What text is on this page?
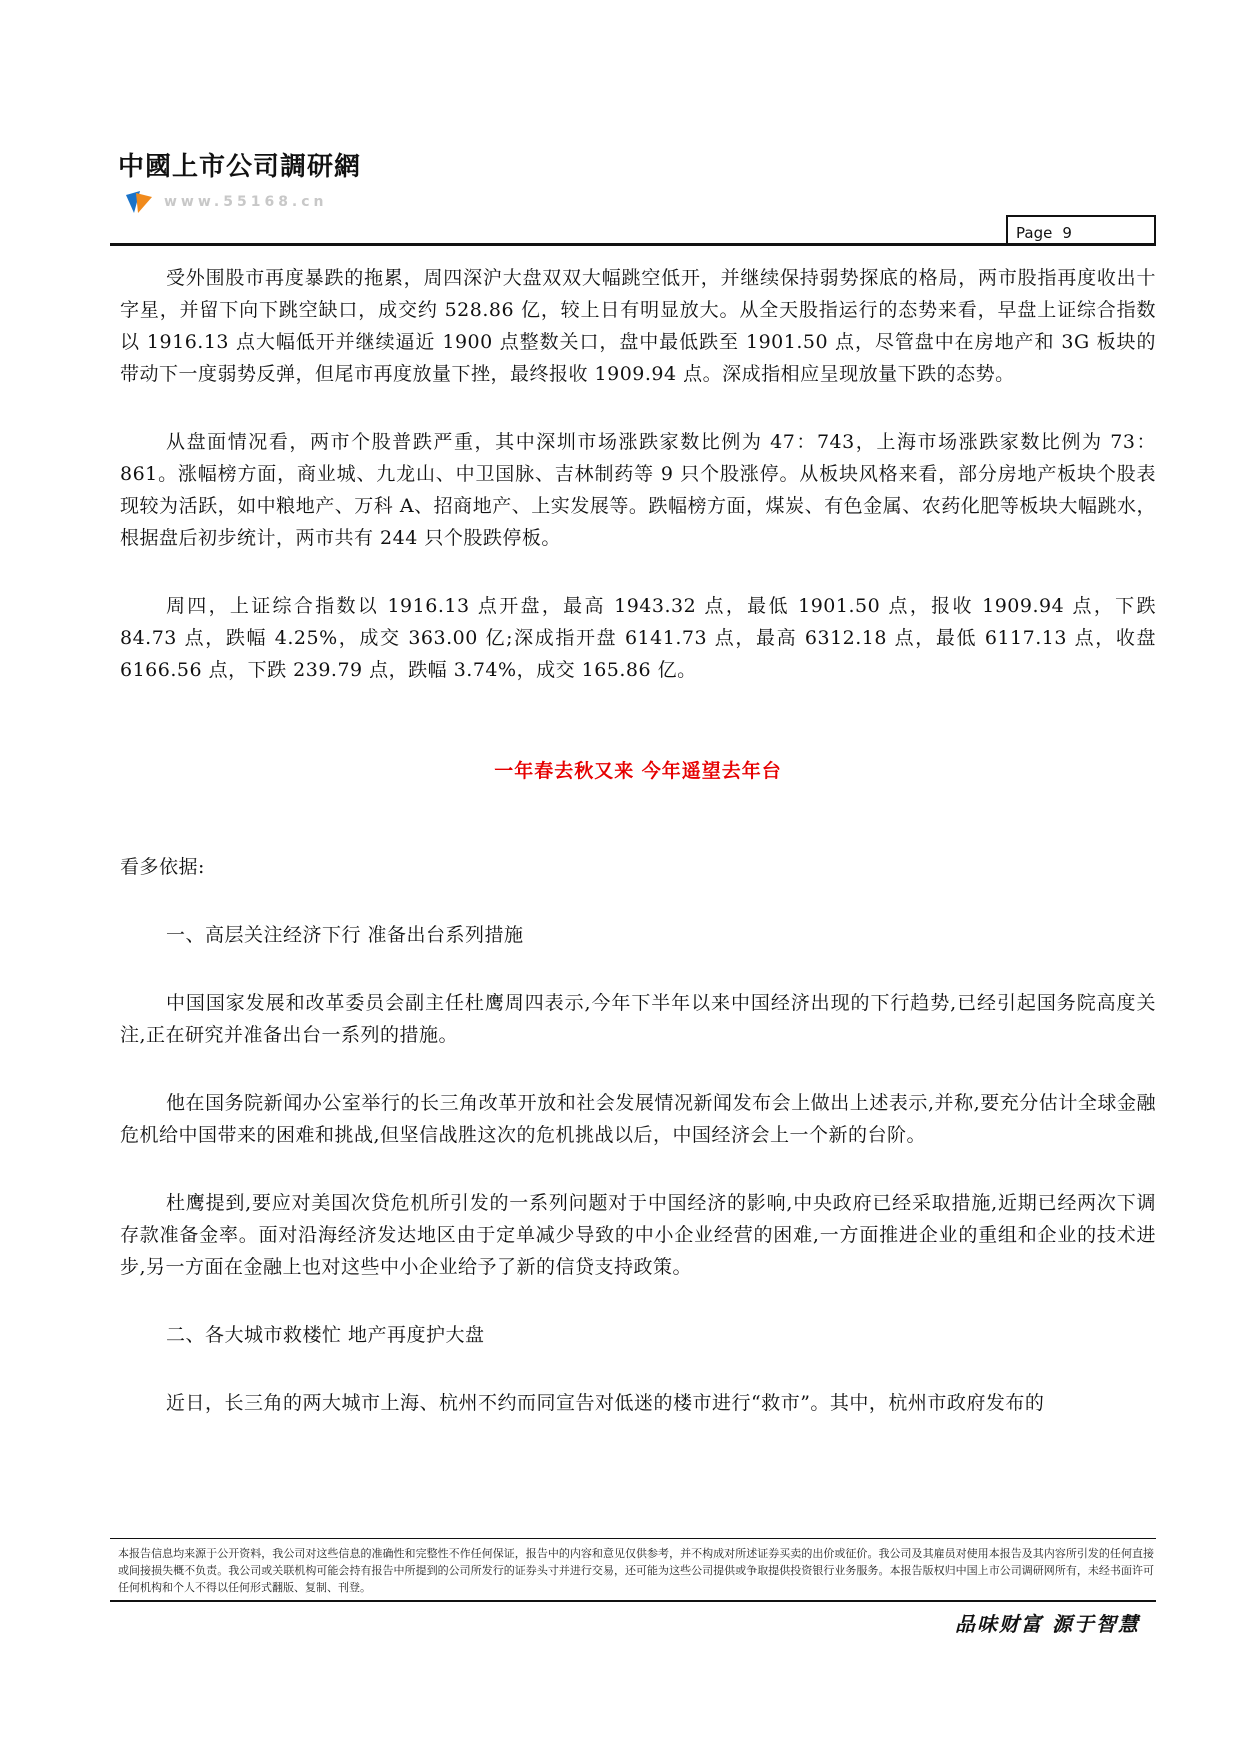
中國上市公司調研網
www.55168.cn
Page 9

受外围股市再度暴跌的拖累，周四深沪大盘双双大幅跳空低开，并继续保持弱势探底的格局，两市股指再度收出十字星，并留下向下跳空缺口，成交约 528.86 亿，较上日有明显放大。从全天股指运行的态势来看，早盘上证综合指数以 1916.13 点大幅低开并继续逼近 1900 点整数关口，盘中最低跌至 1901.50 点，尽管盘中在房地产和 3G 板块的带动下一度弱势反弹，但尾市再度放量下挫，最终报收 1909.94 点。深成指相应呈现放量下跌的态势。

从盘面情况看，两市个股普跌严重，其中深圳市场涨跌家数比例为 47：743，上海市场涨跌家数比例为 73：861。涨幅榜方面，商业城、九龙山、中卫国脉、吉林制药等 9 只个股涨停。从板块风格来看，部分房地产板块个股表现较为活跃，如中粮地产、万科 A、招商地产、上实发展等。跌幅榜方面，煤炭、有色金属、农药化肥等板块大幅跳水，根据盘后初步统计，两市共有 244 只个股跌停板。

周四，上证综合指数以 1916.13 点开盘，最高 1943.32 点，最低 1901.50 点，报收 1909.94 点，下跌 84.73 点，跌幅 4.25%，成交 363.00 亿;深成指开盘 6141.73 点，最高 6312.18 点，最低 6117.13 点，收盘 6166.56 点，下跌 239.79 点，跌幅 3.74%，成交 165.86 亿。

一年春去秋又来 今年遥望去年台
看多依据:
一、高层关注经济下行 准备出台系列措施

中国国家发展和改革委员会副主任杜鹰周四表示,今年下半年以来中国经济出现的下行趋势,已经引起国务院高度关注,正在研究并准备出台一系列的措施。

他在国务院新闻办公室举行的长三角改革开放和社会发展情况新闻发布会上做出上述表示,并称,要充分估计全球金融危机给中国带来的困难和挑战,但坚信战胜这次的危机挑战以后，中国经济会上一个新的台阶。

杜鹰提到,要应对美国次贷危机所引发的一系列问题对于中国经济的影响,中央政府已经采取措施,近期已经两次下调存款准备金率。面对沿海经济发达地区由于定单减少导致的中小企业经营的困难,一方面推进企业的重组和企业的技术进步,另一方面在金融上也对这些中小企业给予了新的信贷支持政策。

二、各大城市救楼忙 地产再度护大盘

近日，长三角的两大城市上海、杭州不约而同宣告对低迷的楼市进行“救市”。其中，杭州市政府发布的

本报告信息均来源于公开资料，我公司对这些信息的准确性和完整性不作任何保证，报告中的内容和意见仅供参考，并不构成对所述证券买卖的出价或征价。我公司及其雇员对使用本报告及其内容所引发的任何直接或间接损失概不负责。我公司或关联机构可能会持有报告中所提到的公司所发行的证券头寸并进行交易，还可能为这些公司提供或争取提供投资银行业务服务。本报告版权归中国上市公司调研网所有，未经书面许可任何机构和个人不得以任何形式翻版、复制、刊登。
品味财富 源于智慧
